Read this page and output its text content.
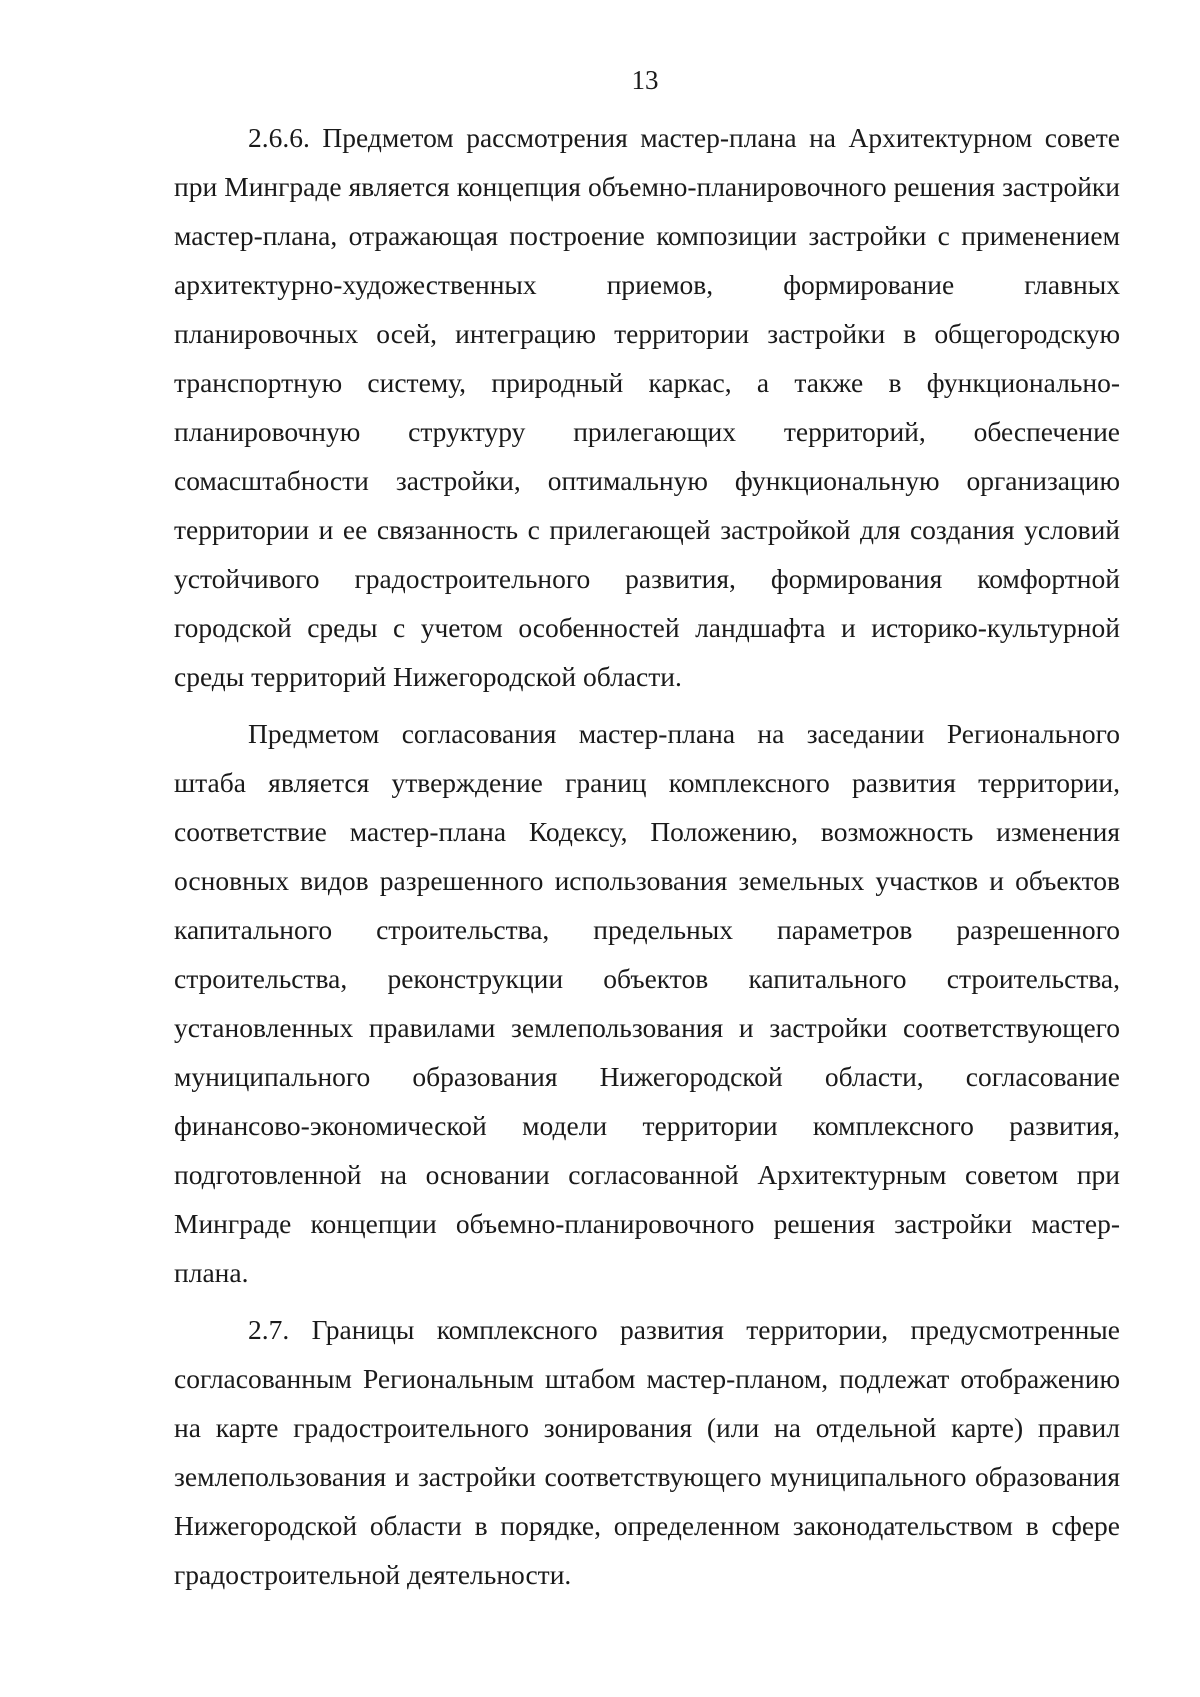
13

2.6.6. Предметом рассмотрения мастер-плана на Архитектурном совете при Минграде является концепция объемно-планировочного решения застройки мастер-плана, отражающая построение композиции застройки с применением архитектурно-художественных приемов, формирование главных планировочных осей, интеграцию территории застройки в общегородскую транспортную систему, природный каркас, а также в функционально-планировочную структуру прилегающих территорий, обеспечение сомасштабности застройки, оптимальную функциональную организацию территории и ее связанность с прилегающей застройкой для создания условий устойчивого градостроительного развития, формирования комфортной городской среды с учетом особенностей ландшафта и историко-культурной среды территорий Нижегородской области.

Предметом согласования мастер-плана на заседании Регионального штаба является утверждение границ комплексного развития территории, соответствие мастер-плана Кодексу, Положению, возможность изменения основных видов разрешенного использования земельных участков и объектов капитального строительства, предельных параметров разрешенного строительства, реконструкции объектов капитального строительства, установленных правилами землепользования и застройки соответствующего муниципального образования Нижегородской области, согласование финансово-экономической модели территории комплексного развития, подготовленной на основании согласованной Архитектурным советом при Минграде концепции объемно-планировочного решения застройки мастер-плана.

2.7. Границы комплексного развития территории, предусмотренные согласованным Региональным штабом мастер-планом, подлежат отображению на карте градостроительного зонирования (или на отдельной карте) правил землепользования и застройки соответствующего муниципального образования Нижегородской области в порядке, определенном законодательством в сфере градостроительной деятельности.
